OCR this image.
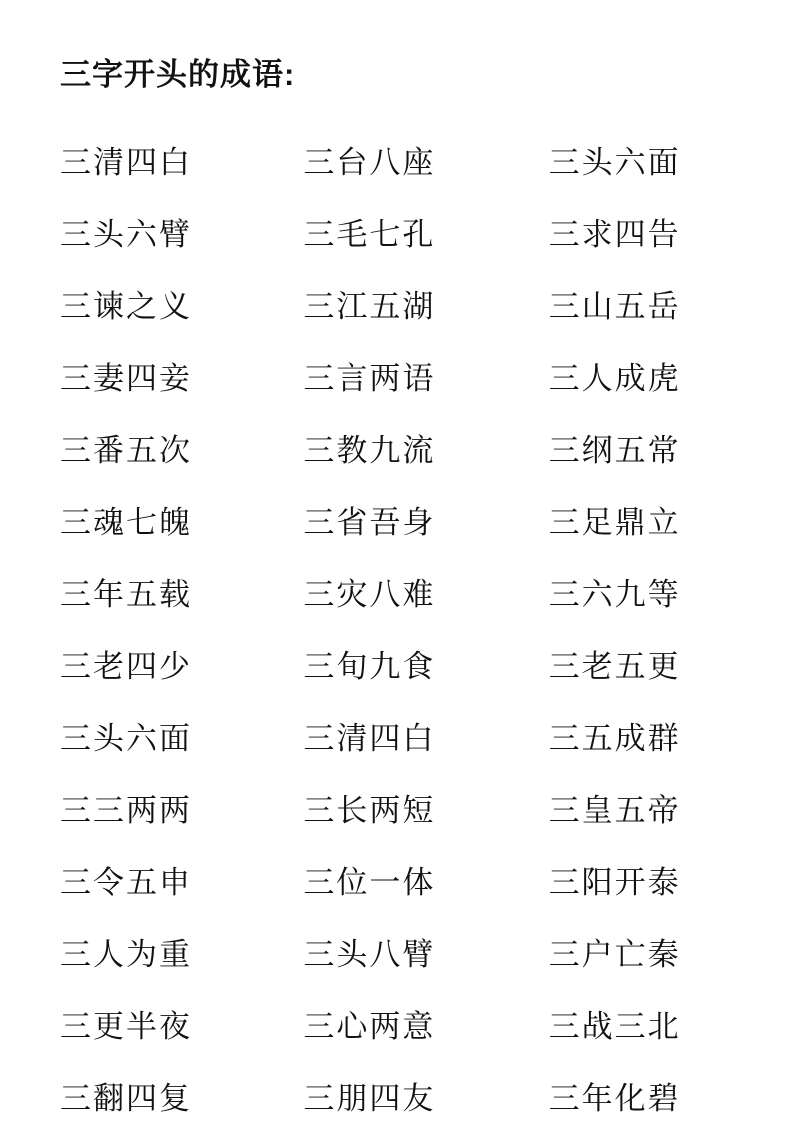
三字开头的成语:
三清四白	三台八座	三头六面
三头六臂	三毛七孔	三求四告
三谏之义	三江五湖	三山五岳
三妻四妾	三言两语	三人成虎
三番五次	三教九流	三纲五常
三魂七魄	三省吾身	三足鼎立
三年五载	三灾八难	三六九等
三老四少	三旬九食	三老五更
三头六面	三清四白	三五成群
三三两两	三长两短	三皇五帝
三令五申	三位一体	三阳开泰
三人为重	三头八臂	三户亡秦
三更半夜	三心两意	三战三北
三翻四复	三朋四友	三年化碧
